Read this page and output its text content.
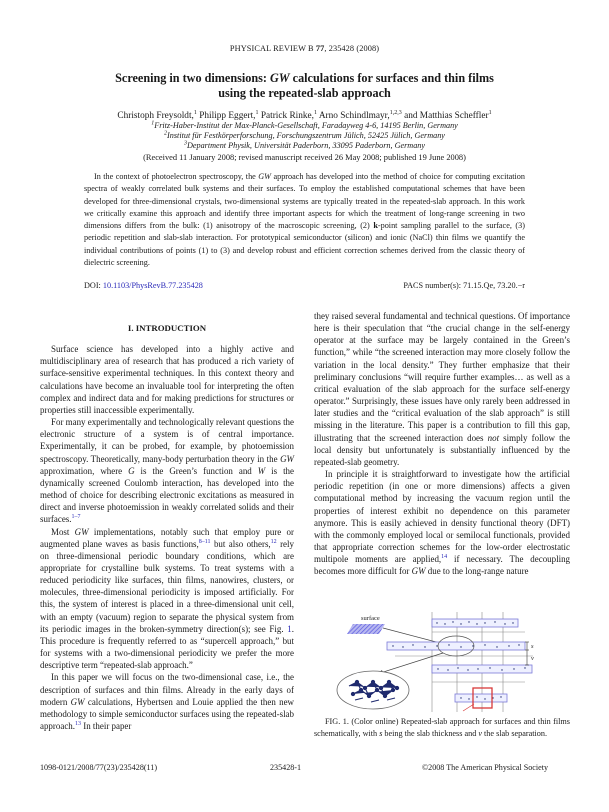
PHYSICAL REVIEW B 77, 235428 (2008)
Screening in two dimensions: GW calculations for surfaces and thin films
using the repeated-slab approach
Christoph Freysoldt,$^1$ Philipp Eggert,$^1$ Patrick Rinke,$^1$ Arno Schindlmayr,$^{1,2,3}$ and Matthias Scheffler$^1$
$^1$Fritz-Haber-Institut der Max-Planck-Gesellschaft, Faradayweg 4-6, 14195 Berlin, Germany
$^2$Institut für Festkörperforschung, Forschungszentrum Jülich, 52425 Jülich, Germany
$^3$Department Physik, Universität Paderborn, 33095 Paderborn, Germany
(Received 11 January 2008; revised manuscript received 26 May 2008; published 19 June 2008)
In the context of photoelectron spectroscopy, the GW approach has developed into the method of choice for computing excitation spectra of weakly correlated bulk systems and their surfaces. To employ the established computational schemes that have been developed for three-dimensional crystals, two-dimensional systems are typically treated in the repeated-slab approach. In this work we critically examine this approach and identify three important aspects for which the treatment of long-range screening in two dimensions differs from the bulk: (1) anisotropy of the macroscopic screening, (2) k-point sampling parallel to the surface, (3) periodic repetition and slab-slab interaction. For prototypical semiconductor (silicon) and ionic (NaCl) thin films we quantify the individual contributions of points (1) to (3) and develop robust and efficient correction schemes derived from the classic theory of dielectric screening.
DOI: 10.1103/PhysRevB.77.235428	PACS number(s): 71.15.Qe, 73.20.−r
I. INTRODUCTION

Surface science has developed into a highly active and multidisciplinary area of research that has produced a rich variety of surface-sensitive experimental techniques. In this context theory and calculations have become an invaluable tool for interpreting the often complex and indirect data and for making predictions for structures or properties still inaccessible experimentally.

For many experimentally and technologically relevant questions the electronic structure of a system is of central importance. Experimentally, it can be probed, for example, by photoemission spectroscopy. Theoretically, many-body perturbation theory in the GW approximation, where G is the Green’s function and W is the dynamically screened Coulomb interaction, has developed into the method of choice for describing electronic excitations as measured in direct and inverse photoemission in weakly correlated solids and their surfaces.$^{1-7}$

Most GW implementations, notably such that employ pure or augmented plane waves as basis functions,$^{8-11}$ but also others,$^{12}$ rely on three-dimensional periodic boundary conditions, which are appropriate for crystalline bulk systems. To treat systems with a reduced periodicity like surfaces, thin films, nanowires, clusters, or molecules, three-dimensional periodicity is imposed artificially. For this, the system of interest is placed in a three-dimensional unit cell, with an empty (vacuum) region to separate the physical system from its periodic images in the broken-symmetry direction(s); see Fig. 1. This procedure is frequently referred to as “supercell approach,” but for systems with a two-dimensional periodicity we prefer the more descriptive term “repeated-slab approach.”

In this paper we will focus on the two-dimensional case, i.e., the description of surfaces and thin films. Already in the early days of modern GW calculations, Hybertsen and Louie applied the then new methodology to simple semiconductor surfaces using the repeated-slab approach.$^{13}$ In their paper

they raised several fundamental and technical questions. Of importance here is their speculation that “the crucial change in the self-energy operator at the surface may be largely contained in the Green’s function,” while “the screened interaction may more closely follow the variation in the local density.” They further emphasize that their preliminary conclusions “will require further examples… as well as a critical evaluation of the slab approach for the surface self-energy operator.” Surprisingly, these issues have only rarely been addressed in later studies and the “critical evaluation of the slab approach” is still missing in the literature. This paper is a contribution to fill this gap, illustrating that the screened interaction does not simply follow the local density but unfortunately is substantially influenced by the repeated-slab geometry.

In principle it is straightforward to investigate how the artificial periodic repetition (in one or more dimensions) affects a given computational method by increasing the vacuum region until the properties of interest exhibit no dependence on this parameter anymore. This is easily achieved in density functional theory (DFT) with the commonly employed local or semilocal functionals, provided that appropriate correction schemes for the low-order electrostatic multipole moments are applied,$^{14}$ if necessary. The decoupling becomes more difficult for GW due to the long-range nature

surface
s
v
FIG. 1. (Color online) Repeated-slab approach for surfaces and thin films schematically, with s being the slab thickness and v the slab separation.
1098-0121/2008/77(23)/235428(11)	235428-1	©2008 The American Physical Society
